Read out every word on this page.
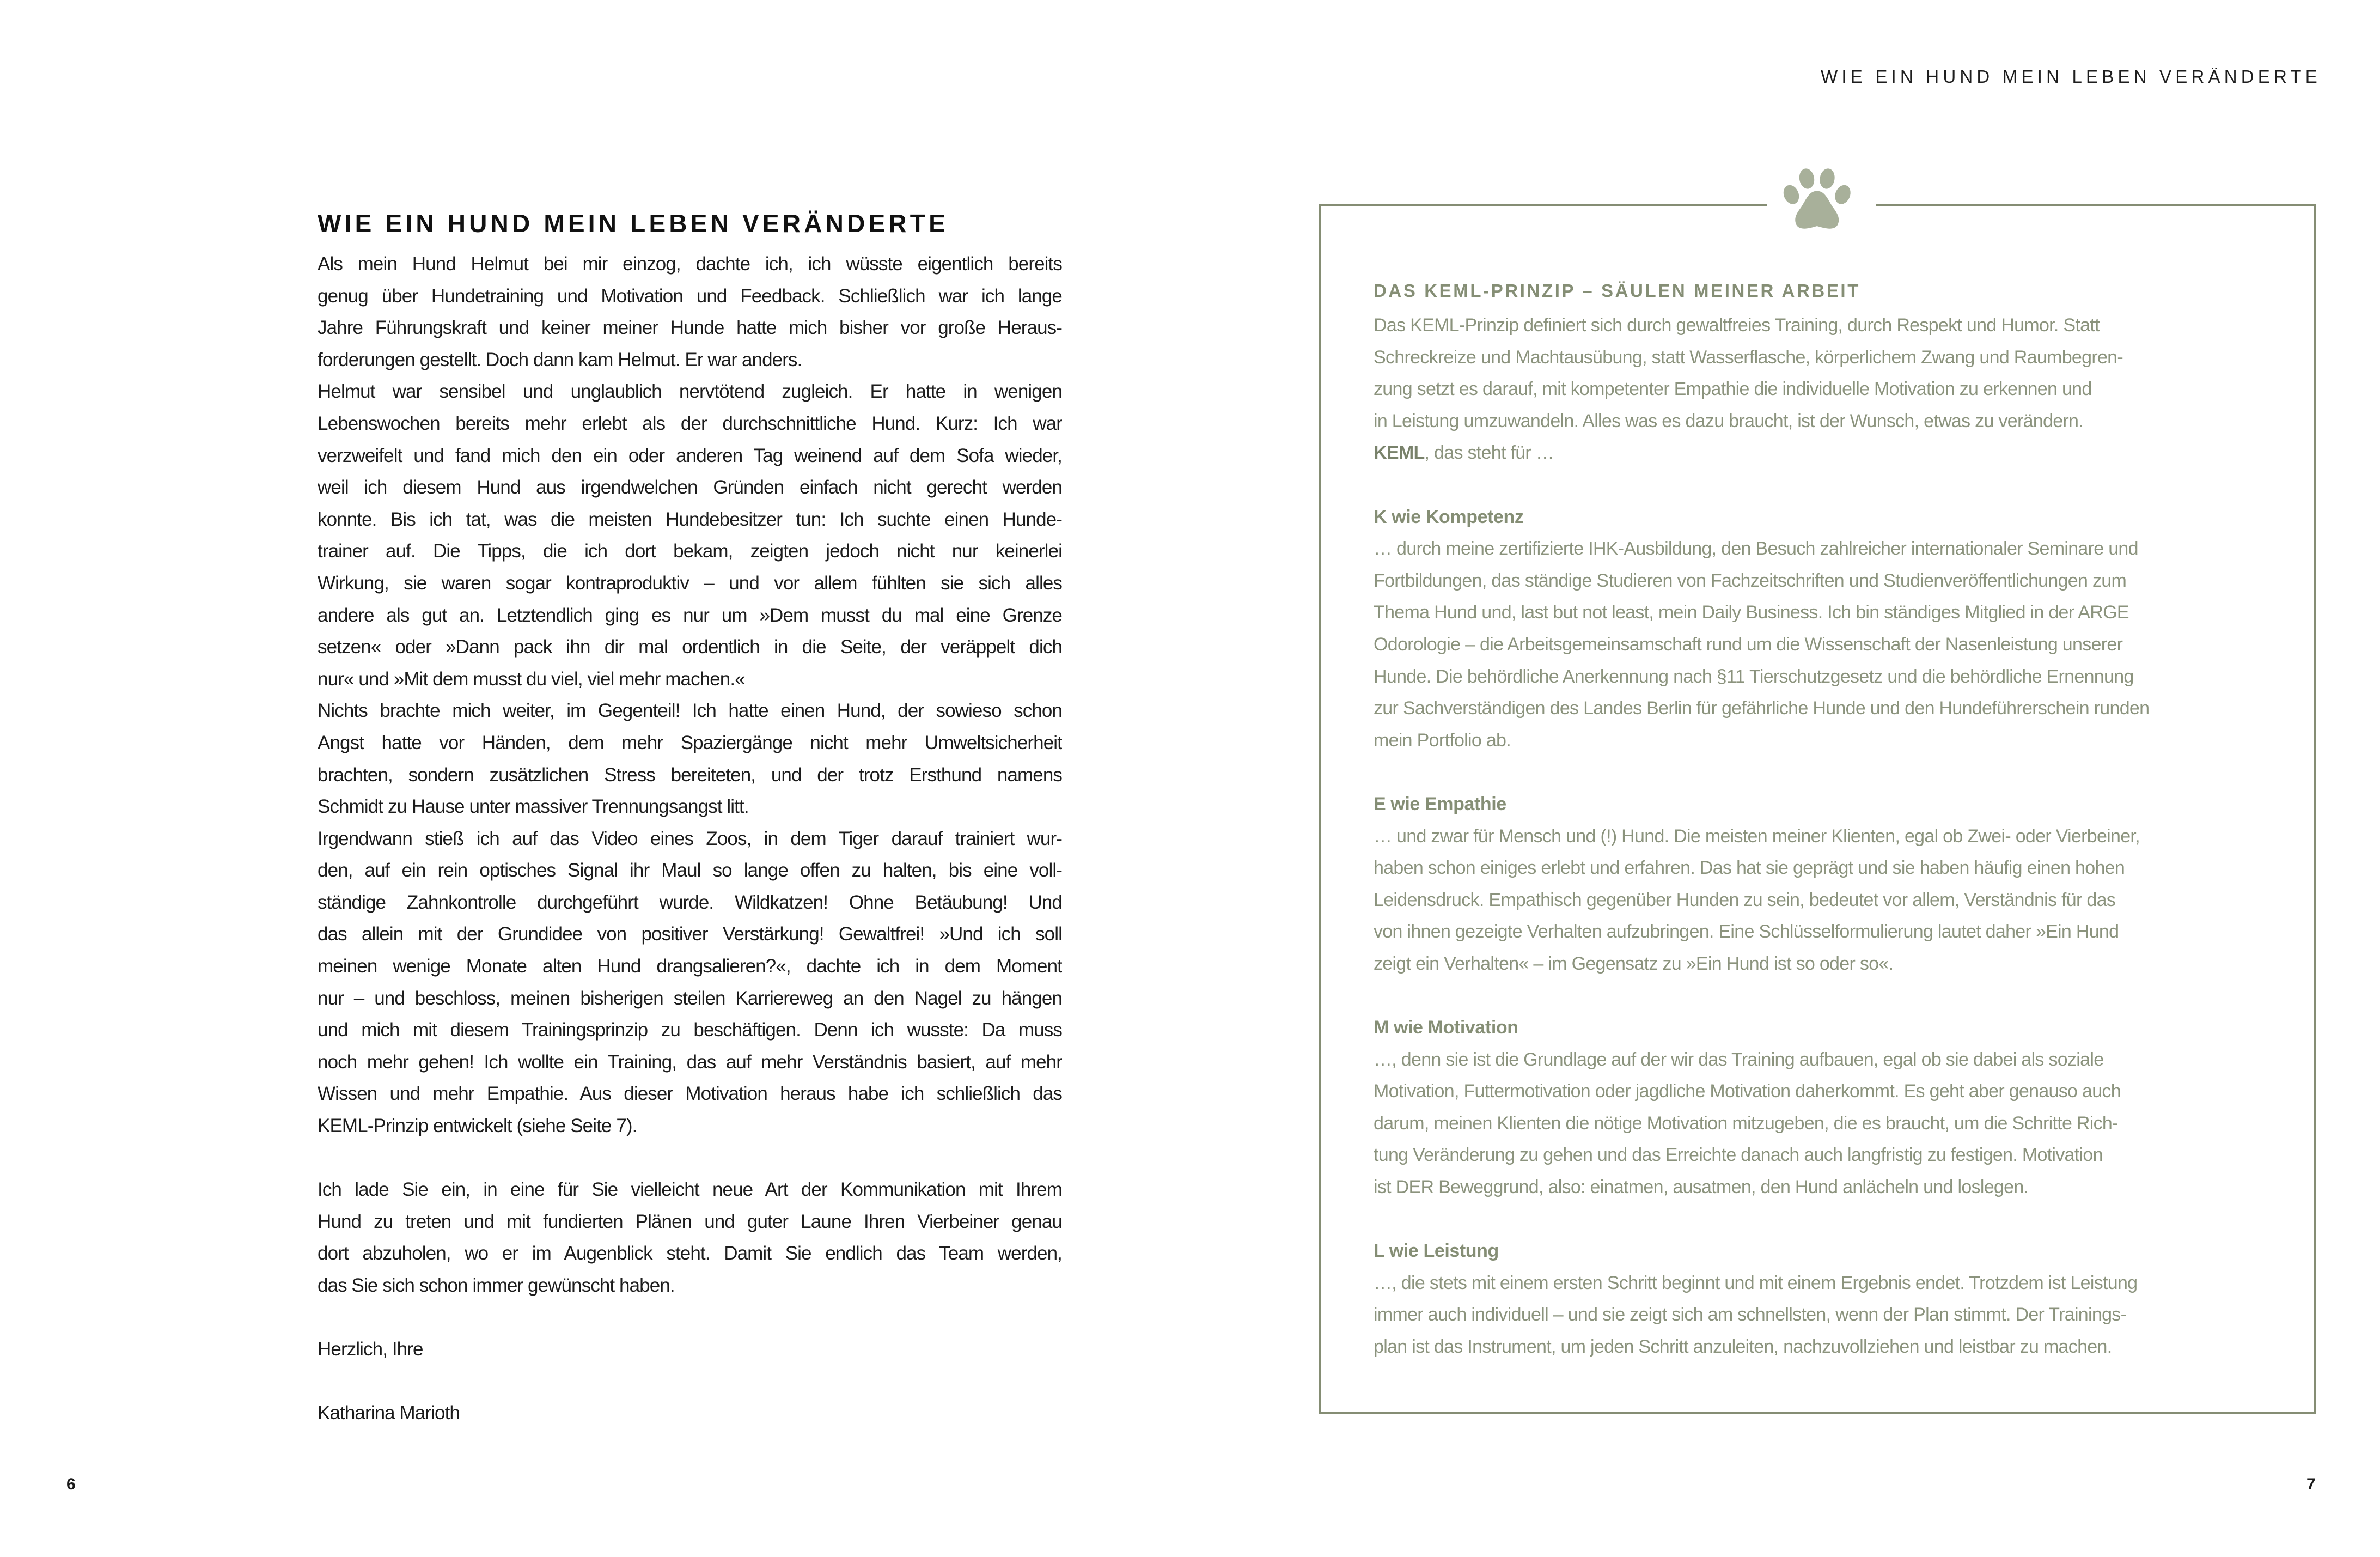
WIE EIN HUND MEIN LEBEN VERÄNDERTE
WIE EIN HUND MEIN LEBEN VERÄNDERTE
Als mein Hund Helmut bei mir einzog, dachte ich, ich wüsste eigentlich bereits
genug über Hundetraining und Motivation und Feedback. Schließlich war ich lange
Jahre Führungskraft und keiner meiner Hunde hatte mich bisher vor große Heraus-
forderungen gestellt. Doch dann kam Helmut. Er war anders.
Helmut war sensibel und unglaublich nervtötend zugleich. Er hatte in wenigen
Lebenswochen bereits mehr erlebt als der durchschnittliche Hund. Kurz: Ich war
verzweifelt und fand mich den ein oder anderen Tag weinend auf dem Sofa wieder,
weil ich diesem Hund aus irgendwelchen Gründen einfach nicht gerecht werden
konnte. Bis ich tat, was die meisten Hundebesitzer tun: Ich suchte einen Hunde-
trainer auf. Die Tipps, die ich dort bekam, zeigten jedoch nicht nur keinerlei
Wirkung, sie waren sogar kontraproduktiv – und vor allem fühlten sie sich alles
andere als gut an. Letztendlich ging es nur um »Dem musst du mal eine Grenze
setzen« oder »Dann pack ihn dir mal ordentlich in die Seite, der veräppelt dich
nur« und »Mit dem musst du viel, viel mehr machen.«
Nichts brachte mich weiter, im Gegenteil! Ich hatte einen Hund, der sowieso schon
Angst hatte vor Händen, dem mehr Spaziergänge nicht mehr Umweltsicherheit
brachten, sondern zusätzlichen Stress bereiteten, und der trotz Ersthund namens
Schmidt zu Hause unter massiver Trennungsangst litt.
Irgendwann stieß ich auf das Video eines Zoos, in dem Tiger darauf trainiert wur-
den, auf ein rein optisches Signal ihr Maul so lange offen zu halten, bis eine voll-
ständige Zahnkontrolle durchgeführt wurde. Wildkatzen! Ohne Betäubung! Und
das allein mit der Grundidee von positiver Verstärkung! Gewaltfrei! »Und ich soll
meinen wenige Monate alten Hund drangsalieren?«, dachte ich in dem Moment
nur – und beschloss, meinen bisherigen steilen Karriereweg an den Nagel zu hängen
und mich mit diesem Trainingsprinzip zu beschäftigen. Denn ich wusste: Da muss
noch mehr gehen! Ich wollte ein Training, das auf mehr Verständnis basiert, auf mehr
Wissen und mehr Empathie. Aus dieser Motivation heraus habe ich schließlich das
KEML-Prinzip entwickelt (siehe Seite 7).
Ich lade Sie ein, in eine für Sie vielleicht neue Art der Kommunikation mit Ihrem
Hund zu treten und mit fundierten Plänen und guter Laune Ihren Vierbeiner genau
dort abzuholen, wo er im Augenblick steht. Damit Sie endlich das Team werden,
das Sie sich schon immer gewünscht haben.
Herzlich, Ihre
Katharina Marioth
DAS KEML-PRINZIP – SÄULEN MEINER ARBEIT
Das KEML-Prinzip definiert sich durch gewaltfreies Training, durch Respekt und Humor. Statt
Schreckreize und Machtausübung, statt Wasserflasche, körperlichem Zwang und Raumbegren-
zung setzt es darauf, mit kompetenter Empathie die individuelle Motivation zu erkennen und
in Leistung umzuwandeln. Alles was es dazu braucht, ist der Wunsch, etwas zu verändern.
KEML, das steht für …
K wie Kompetenz
… durch meine zertifizierte IHK-Ausbildung, den Besuch zahlreicher internationaler Seminare und
Fortbildungen, das ständige Studieren von Fachzeitschriften und Studienveröffentlichungen zum
Thema Hund und, last but not least, mein Daily Business. Ich bin ständiges Mitglied in der ARGE
Odorologie – die Arbeitsgemeinsamschaft rund um die Wissenschaft der Nasenleistung unserer
Hunde. Die behördliche Anerkennung nach §11 Tierschutzgesetz und die behördliche Ernennung
zur Sachverständigen des Landes Berlin für gefährliche Hunde und den Hundeführerschein runden
mein Portfolio ab.
E wie Empathie
… und zwar für Mensch und (!) Hund. Die meisten meiner Klienten, egal ob Zwei- oder Vierbeiner,
haben schon einiges erlebt und erfahren. Das hat sie geprägt und sie haben häufig einen hohen
Leidensdruck. Empathisch gegenüber Hunden zu sein, bedeutet vor allem, Verständnis für das
von ihnen gezeigte Verhalten aufzubringen. Eine Schlüsselformulierung lautet daher »Ein Hund
zeigt ein Verhalten« – im Gegensatz zu »Ein Hund ist so oder so«.
M wie Motivation
…, denn sie ist die Grundlage auf der wir das Training aufbauen, egal ob sie dabei als soziale
Motivation, Futtermotivation oder jagdliche Motivation daherkommt. Es geht aber genauso auch
darum, meinen Klienten die nötige Motivation mitzugeben, die es braucht, um die Schritte Rich-
tung Veränderung zu gehen und das Erreichte danach auch langfristig zu festigen. Motivation
ist DER Beweggrund, also: einatmen, ausatmen, den Hund anlächeln und loslegen.
L wie Leistung
…, die stets mit einem ersten Schritt beginnt und mit einem Ergebnis endet. Trotzdem ist Leistung
immer auch individuell – und sie zeigt sich am schnellsten, wenn der Plan stimmt. Der Trainings-
plan ist das Instrument, um jeden Schritt anzuleiten, nachzuvollziehen und leistbar zu machen.
6	7
